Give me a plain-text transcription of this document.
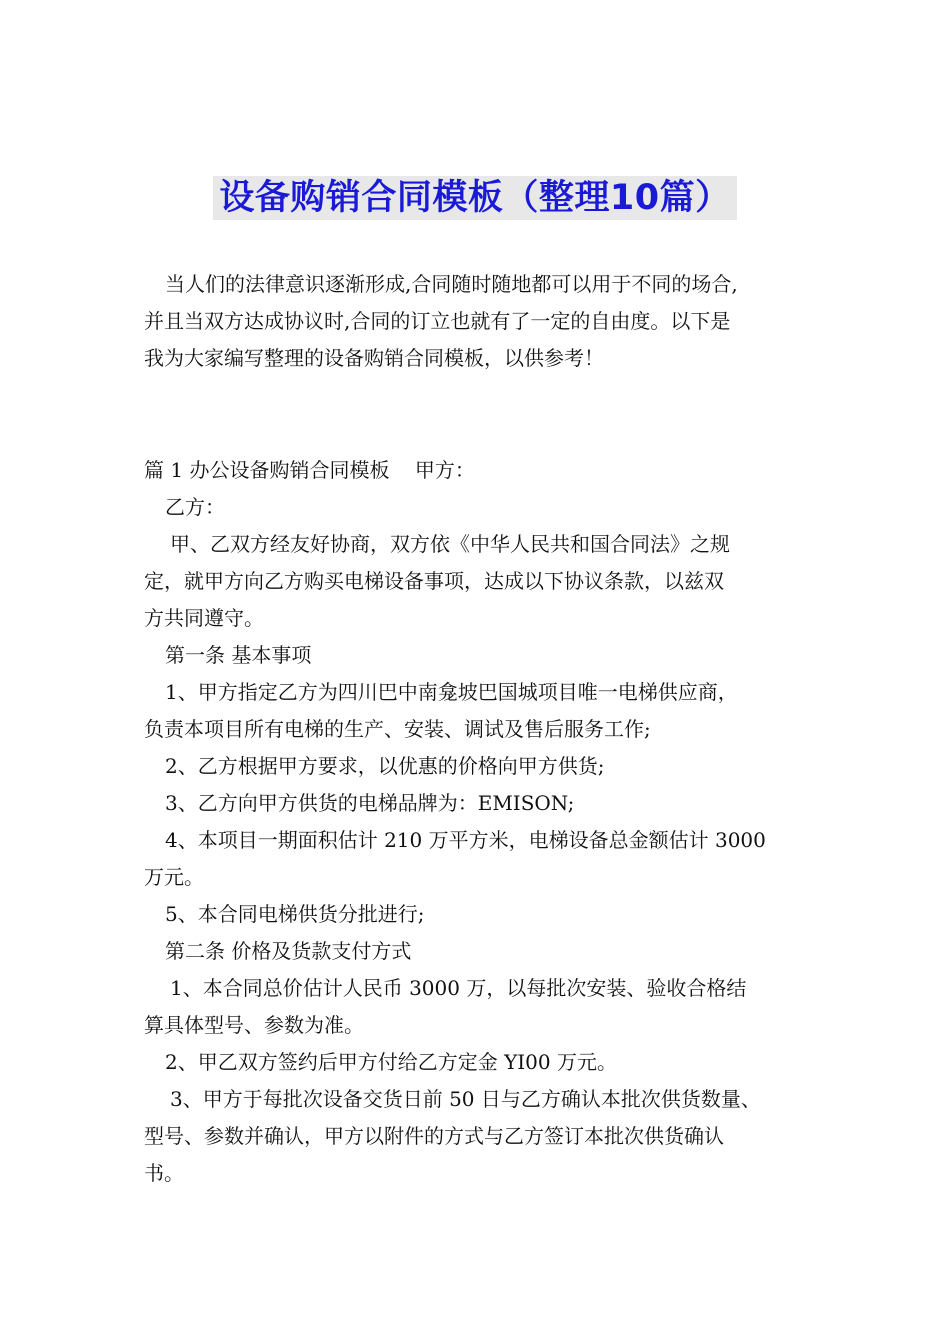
设备购销合同模板（整理10篇）
当人们的法律意识逐渐形成,合同随时随地都可以用于不同的场合,
并且当双方达成协议时,合同的订立也就有了一定的自由度。以下是
我为大家编写整理的设备购销合同模板，以供参考！
篇 1 办公设备购销合同模板    甲方：
乙方：
甲、乙双方经友好协商，双方依《中华人民共和国合同法》之规
定，就甲方向乙方购买电梯设备事项，达成以下协议条款，以兹双
方共同遵守。
第一条 基本事项
1、甲方指定乙方为四川巴中南龛坡巴国城项目唯一电梯供应商，
负责本项目所有电梯的生产、安装、调试及售后服务工作;
2、乙方根据甲方要求，以优惠的价格向甲方供货;
3、乙方向甲方供货的电梯品牌为：EMISON;
4、本项目一期面积估计 210 万平方米，电梯设备总金额估计 3000
万元。
5、本合同电梯供货分批进行;
第二条 价格及货款支付方式
1、本合同总价估计人民币 3000 万，以每批次安装、验收合格结
算具体型号、参数为准。
2、甲乙双方签约后甲方付给乙方定金 YI00 万元。
3、甲方于每批次设备交货日前 50 日与乙方确认本批次供货数量、
型号、参数并确认，甲方以附件的方式与乙方签订本批次供货确认
书。
